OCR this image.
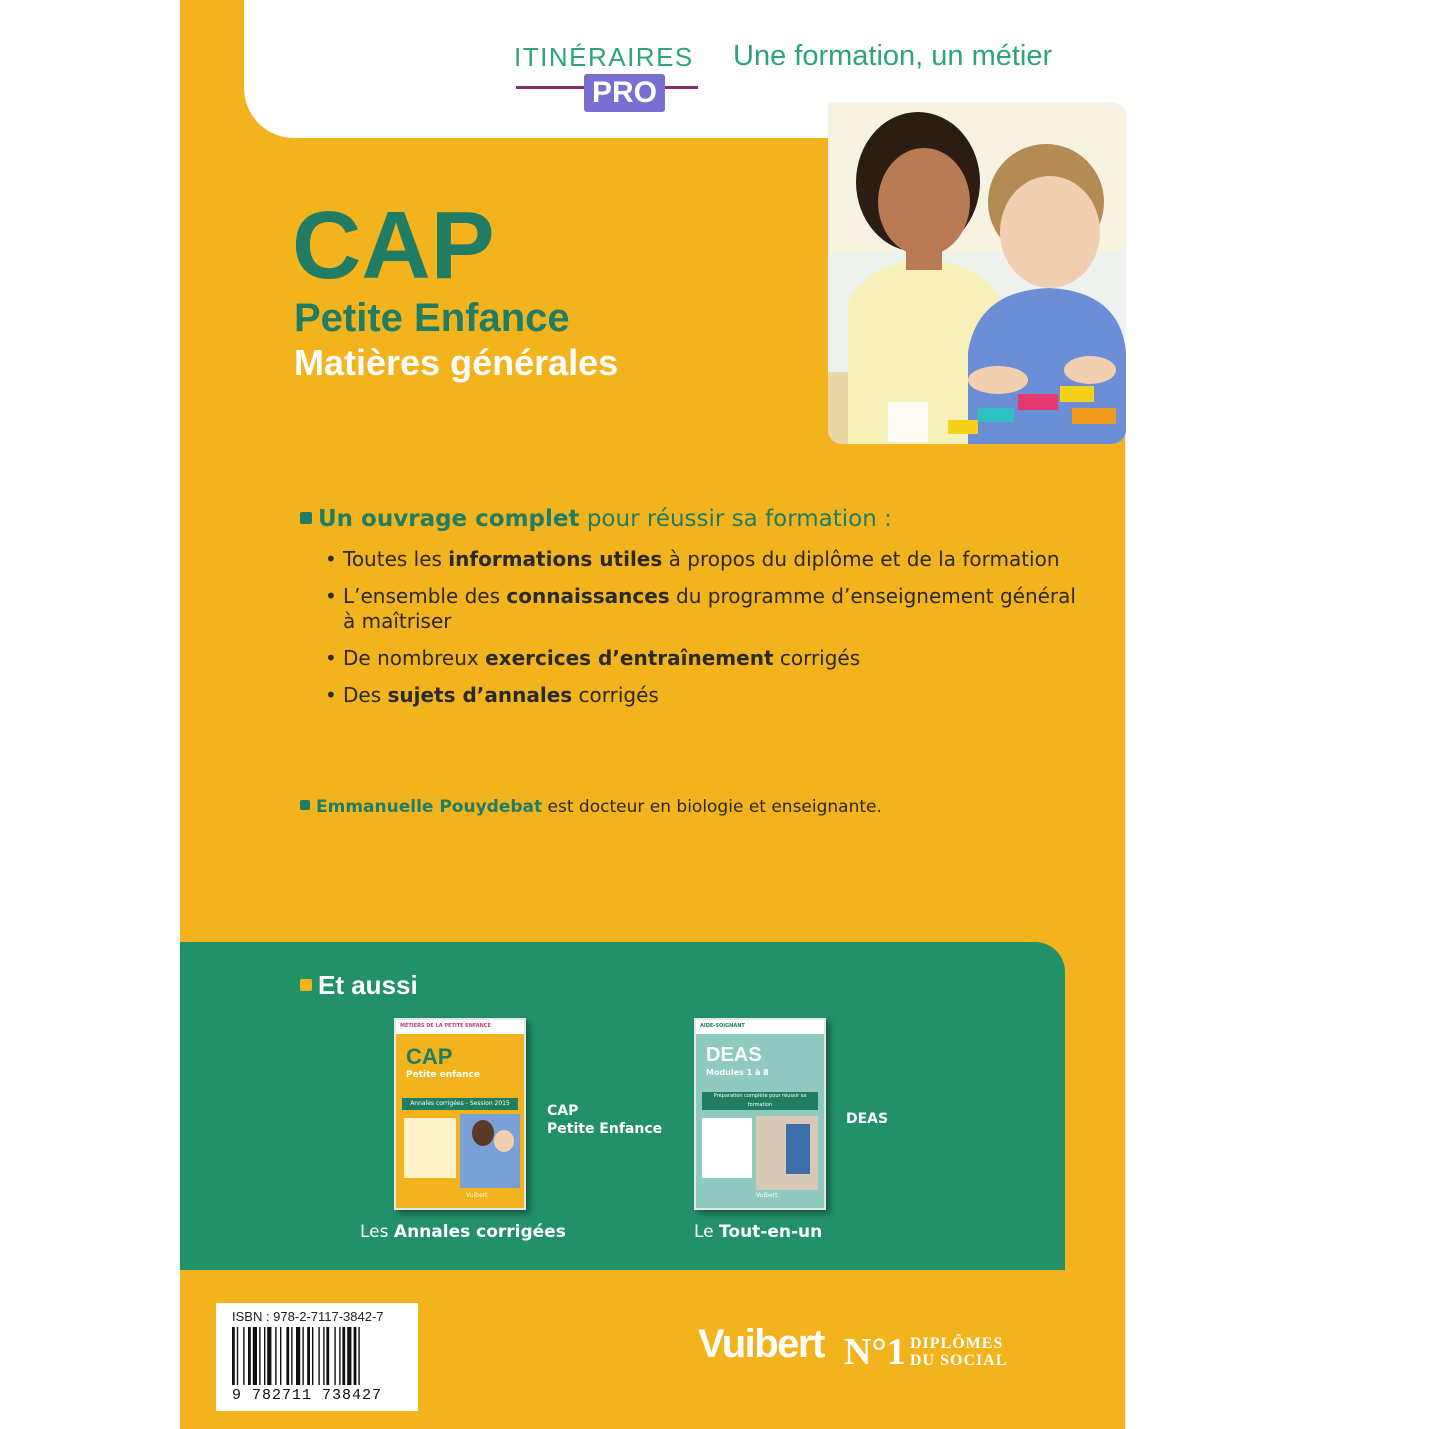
ITINÉRAIRES
PRO
Une formation, un métier
CAP
Petite Enfance
Matières générales
Un ouvrage complet pour réussir sa formation :
• Toutes les informations utiles à propos du diplôme et de la formation
• L’ensemble des connaissances du programme d’enseignement général à maîtriser
• De nombreux exercices d’entraînement corrigés
• Des sujets d’annales corrigés
Emmanuelle Pouydebat est docteur en biologie et enseignante.
Et aussi
MÉTIERS DE LA PETITE ENFANCE
CAP
Petite enfance
Annales corrigées - Session 2015
Vuibert
CAP
Petite Enfance
Les Annales corrigées
AIDE-SOIGNANT
DEAS
Modules 1 à 8
Préparation complète pour réussir sa formation
Vuibert
DEAS
Le Tout-en-un
ISBN : 978-2-7117-3842-7
9 782711 738427
Vuibert N°1 DIPLÔMES
DU SOCIAL
